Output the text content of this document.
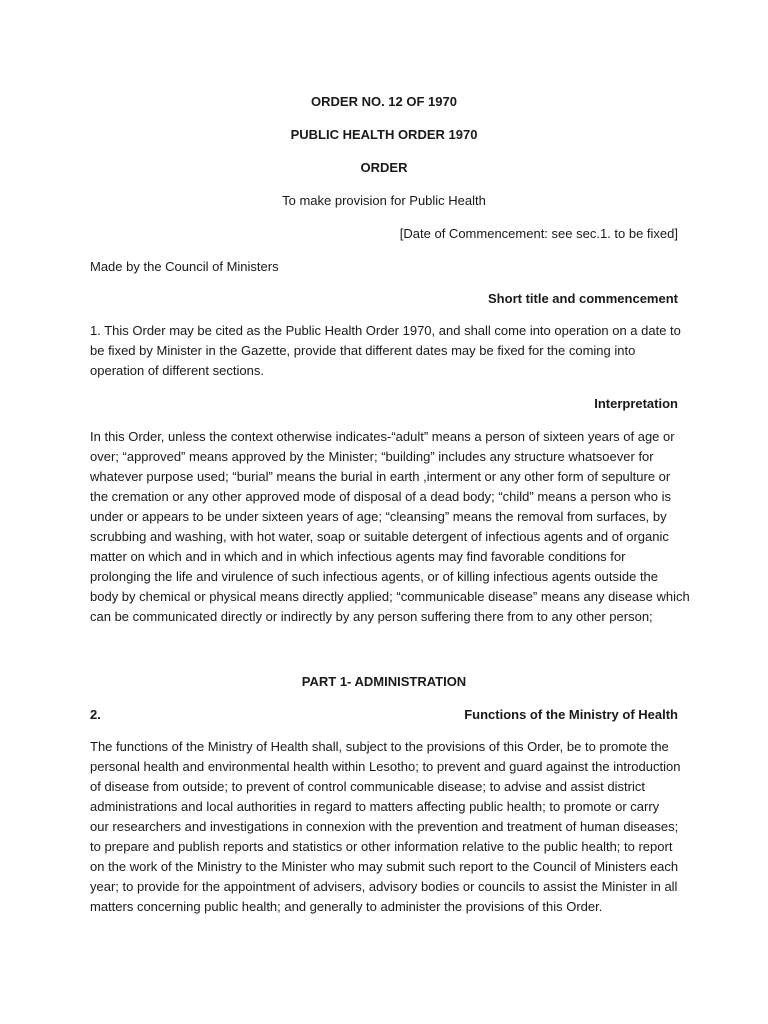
ORDER NO. 12 OF 1970
PUBLIC HEALTH ORDER 1970
ORDER
To make provision for Public Health
[Date of Commencement: see sec.1. to be fixed]
Made by the Council of Ministers
Short title and commencement
1. This Order may be cited as the Public Health Order 1970, and shall come into operation on a date to
be fixed by Minister in the Gazette, provide that different dates may be fixed for the coming into
operation of different sections.
Interpretation
In this Order, unless the context otherwise indicates-“adult” means a person of sixteen years of age or
over; “approved” means approved by the Minister; “building” includes any structure whatsoever for
whatever purpose used; “burial” means the burial in earth ,interment or any other form of sepulture or
the cremation or any other approved mode of disposal of a dead body; “child” means a person who is
under or appears to be under sixteen years of age; “cleansing” means the removal from surfaces, by
scrubbing and washing, with hot water, soap or suitable detergent of infectious agents and of organic
matter on which and in which and in which infectious agents may find favorable conditions for
prolonging the life and virulence of such infectious agents, or of killing infectious agents outside the
body by chemical or physical means directly applied; “communicable disease” means any disease which
can be communicated directly or indirectly by any person suffering there from to any other person;
PART 1- ADMINISTRATION
2.	Functions of the Ministry of Health
The functions of the Ministry of Health shall, subject to the provisions of this Order, be to promote the
personal health and environmental health within Lesotho; to prevent and guard against the introduction
of disease from outside; to prevent of control communicable disease; to advise and assist district
administrations and local authorities in regard to matters affecting public health; to promote or carry
our researchers and investigations in connexion with the prevention and treatment of human diseases;
to prepare and publish reports and statistics or other information relative to the public health; to report
on the work of the Ministry to the Minister who may submit such report to the Council of Ministers each
year; to provide for the appointment of advisers, advisory bodies or councils to assist the Minister in all
matters concerning public health; and generally to administer the provisions of this Order.
